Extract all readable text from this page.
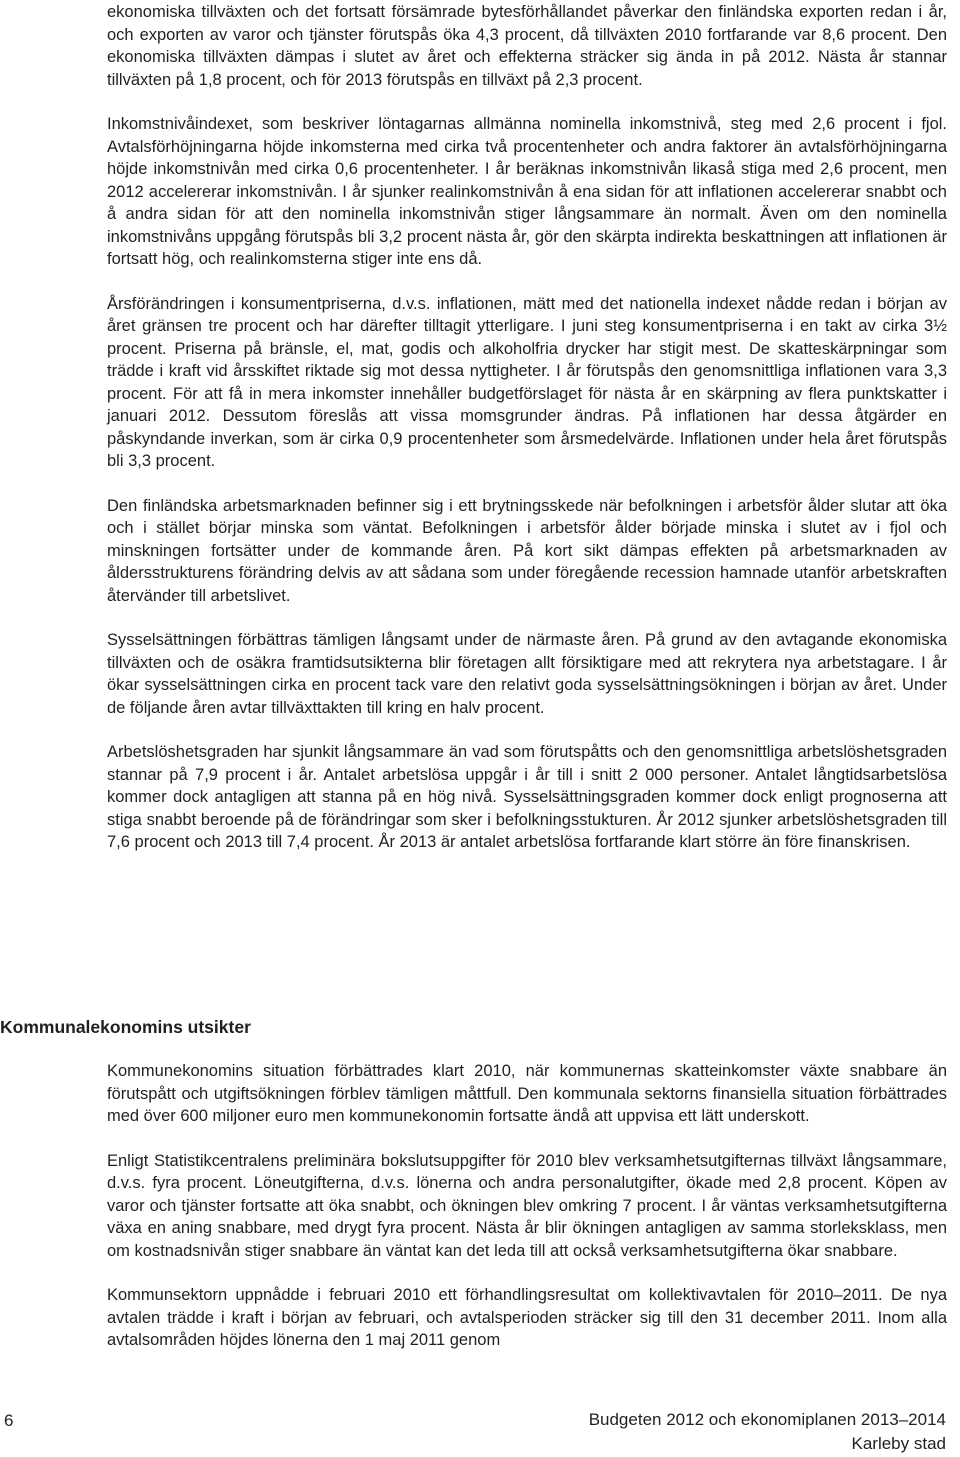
ekonomiska tillväxten och det fortsatt försämrade bytesförhållandet påverkar den finländska exporten redan i år, och exporten av varor och tjänster förutspås öka 4,3 procent, då tillväxten 2010 fortfarande var 8,6 procent. Den ekonomiska tillväxten dämpas i slutet av året och effekterna sträcker sig ända in på 2012. Nästa år stannar tillväxten på 1,8 procent, och för 2013 förutspås en tillväxt på 2,3 procent.

Inkomstnivåindexet, som beskriver löntagarnas allmänna nominella inkomstnivå, steg med 2,6 procent i fjol. Avtalsförhöjningarna höjde inkomsterna med cirka två procentenheter och andra faktorer än avtalsförhöjningarna höjde inkomstnivån med cirka 0,6 procentenheter. I år beräknas inkomstnivån likaså stiga med 2,6 procent, men 2012 accelererar inkomstnivån. I år sjunker realinkomstnivån å ena sidan för att inflationen accelererar snabbt och å andra sidan för att den nominella inkomstnivån stiger långsammare än normalt. Även om den nominella inkomstnivåns uppgång förutspås bli 3,2 procent nästa år, gör den skärpta indirekta beskattningen att inflationen är fortsatt hög, och realinkomsterna stiger inte ens då.

Årsförändringen i konsumentpriserna, d.v.s. inflationen, mätt med det nationella indexet nådde redan i början av året gränsen tre procent och har därefter tilltagit ytterligare. I juni steg konsumentpriserna i en takt av cirka 3½ procent. Priserna på bränsle, el, mat, godis och alkoholfria drycker har stigit mest. De skatteskärpningar som trädde i kraft vid årsskiftet riktade sig mot dessa nyttigheter. I år förutspås den genomsnittliga inflationen vara 3,3 procent. För att få in mera inkomster innehåller budgetförslaget för nästa år en skärpning av flera punktskatter i januari 2012. Dessutom föreslås att vissa momsgrunder ändras. På inflationen har dessa åtgärder en påskyndande inverkan, som är cirka 0,9 procentenheter som årsmedelvärde. Inflationen under hela året förutspås bli 3,3 procent.

Den finländska arbetsmarknaden befinner sig i ett brytningsskede när befolkningen i arbetsför ålder slutar att öka och i stället börjar minska som väntat. Befolkningen i arbetsför ålder började minska i slutet av i fjol och minskningen fortsätter under de kommande åren. På kort sikt dämpas effekten på arbetsmarknaden av åldersstrukturens förändring delvis av att sådana som under föregående recession hamnade utanför arbetskraften återvänder till arbetslivet.

Sysselsättningen förbättras tämligen långsamt under de närmaste åren. På grund av den avtagande ekonomiska tillväxten och de osäkra framtidsutsikterna blir företagen allt försiktigare med att rekrytera nya arbetstagare. I år ökar sysselsättningen cirka en procent tack vare den relativt goda sysselsättningsökningen i början av året. Under de följande åren avtar tillväxttakten till kring en halv procent.

Arbetslöshetsgraden har sjunkit långsammare än vad som förutspåtts och den genomsnittliga arbetslöshetsgraden stannar på 7,9 procent i år. Antalet arbetslösa uppgår i år till i snitt 2 000 personer. Antalet långtidsarbetslösa kommer dock antagligen att stanna på en hög nivå. Sysselsättningsgraden kommer dock enligt prognoserna att stiga snabbt beroende på de förändringar som sker i befolkningsstukturen. År 2012 sjunker arbetslöshetsgraden till 7,6 procent och 2013 till 7,4 procent. År 2013 är antalet arbetslösa fortfarande klart större än före finanskrisen.

Kommunalekonomins utsikter

Kommunekonomins situation förbättrades klart 2010, när kommunernas skatteinkomster växte snabbare än förutspått och utgiftsökningen förblev tämligen måttfull. Den kommunala sektorns finansiella situation förbättrades med över 600 miljoner euro men kommunekonomin fortsatte ändå att uppvisa ett lätt underskott.

Enligt Statistikcentralens preliminära bokslutsuppgifter för 2010 blev verksamhetsutgifternas tillväxt långsammare, d.v.s. fyra procent. Löneutgifterna, d.v.s. lönerna och andra personalutgifter, ökade med 2,8 procent. Köpen av varor och tjänster fortsatte att öka snabbt, och ökningen blev omkring 7 procent. I år väntas verksamhetsutgifterna växa en aning snabbare, med drygt fyra procent. Nästa år blir ökningen antagligen av samma storleksklass, men om kostnadsnivån stiger snabbare än väntat kan det leda till att också verksamhetsutgifterna ökar snabbare.

Kommunsektorn uppnådde i februari 2010 ett förhandlingsresultat om kollektivavtalen för 2010–2011. De nya avtalen trädde i kraft i början av februari, och avtalsperioden sträcker sig till den 31 december 2011. Inom alla avtalsområden höjdes lönerna den 1 maj 2011 genom

6	Budgeten 2012 och ekonomiplanen 2013–2014
Karleby stad
